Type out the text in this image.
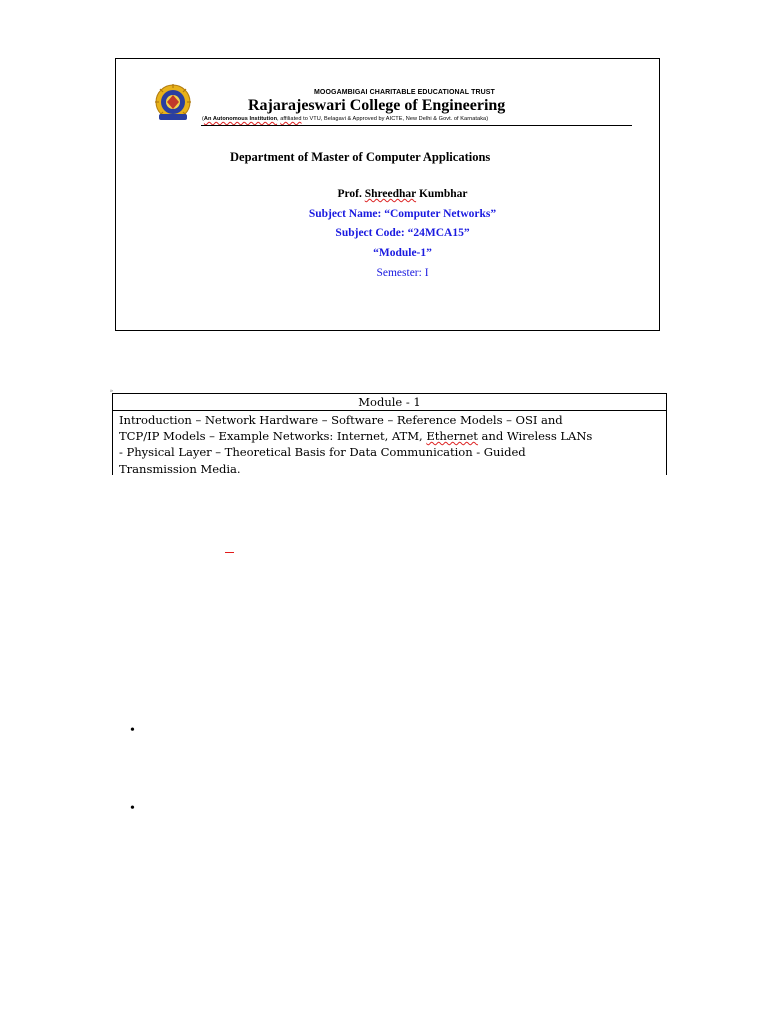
MOOGAMBIGAI CHARITABLE EDUCATIONAL TRUST
Rajarajeswari College of Engineering
(An Autonomous Institution, affiliated to VTU, Belagavi & Approved by AICTE, New Delhi & Govt. of Karnataka)
Department of Master of Computer Applications
Prof. Shreedhar Kumbhar
Subject Name: “Computer Networks”
Subject Code: “24MCA15”
“Module-1”
Semester: I
»
Module - 1
Introduction – Network Hardware – Software – Reference Models – OSI and
TCP/IP Models – Example Networks: Internet, ATM, Ethernet and Wireless LANs
- Physical Layer – Theoretical Basis for Data Communication - Guided
Transmission Media.
•
•
